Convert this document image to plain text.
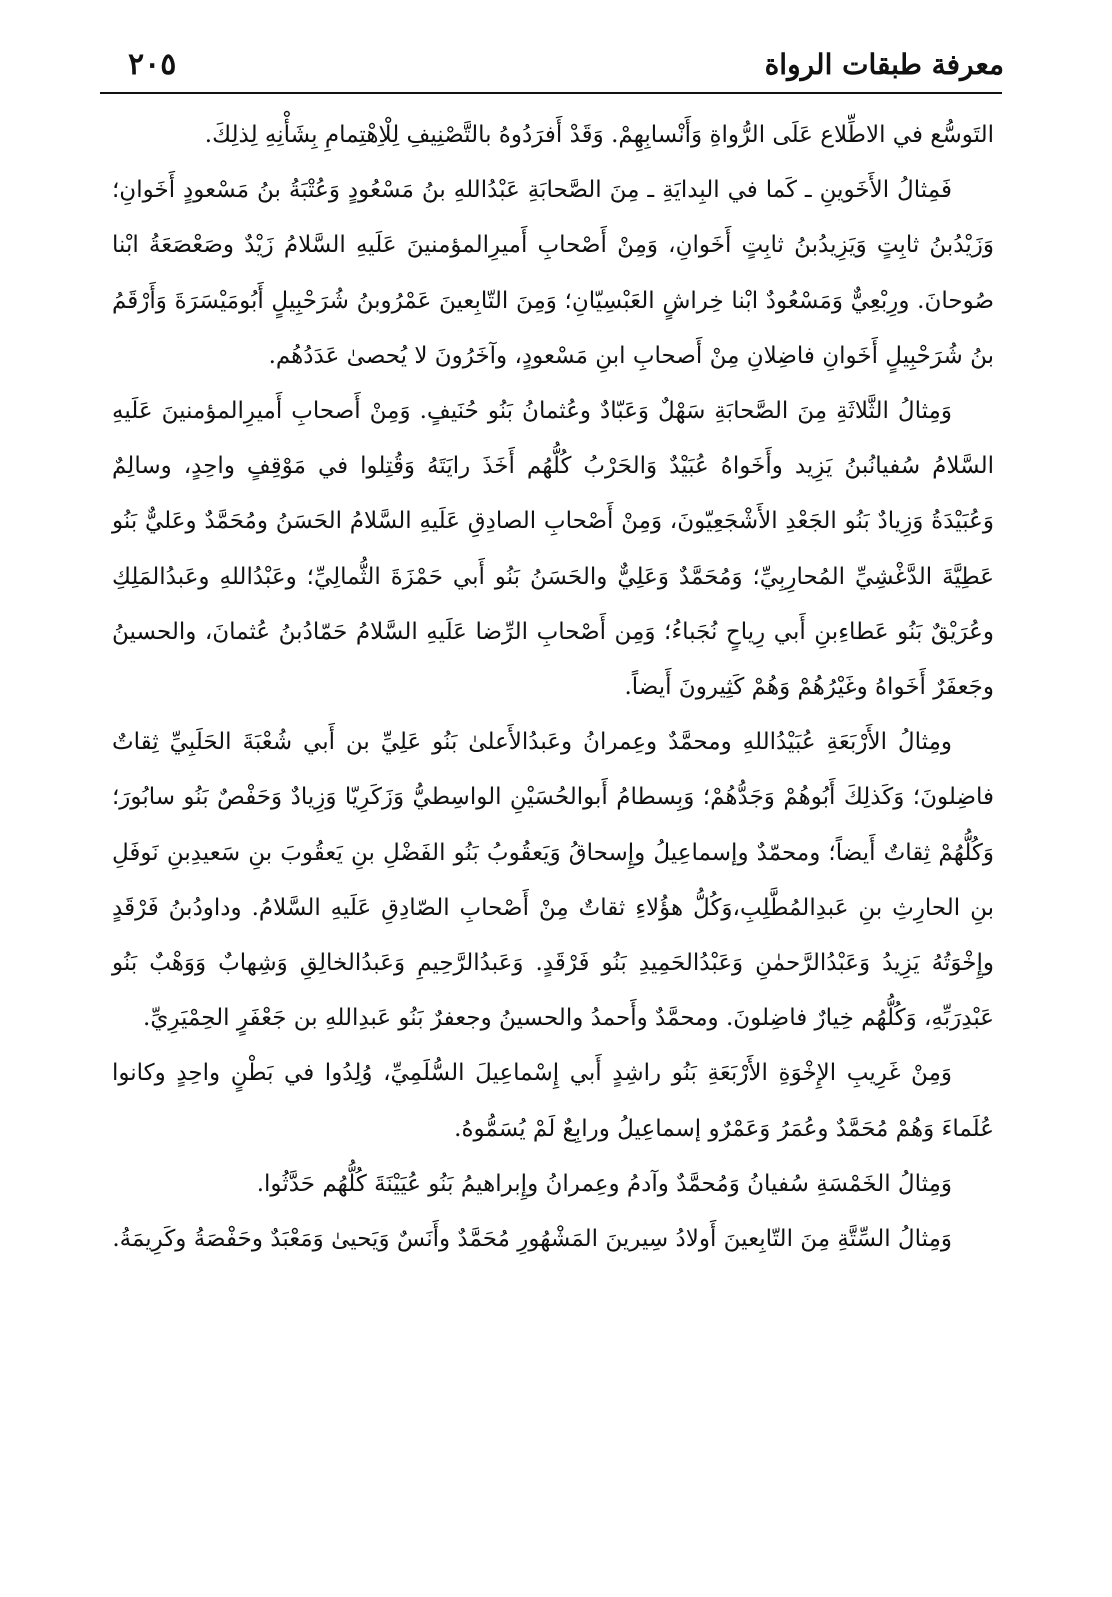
معرفة طبقات الرواة
٢٠٥

التَوسُّع في الاطِّلاع عَلَى الرُّواةِ وَأَنْسابِهِمْ. وَقَدْ أَفرَدُوهُ بالتَّصْنِيفِ لِلْاِهْتِمامِ بِشَأْنِهِ لِذلِكَ.

فَمِثالُ الأَخَوينِ ـ كَما في البِدايَةِ ـ مِنَ الصَّحابَةِ عَبْدُاللهِ بنُ مَسْعُودٍ وَعُتْبَةُ بنُ مَسْعودٍ أَخَوانِ؛ وَزَيْدُبنُ ثابِتٍ وَيَزِيدُبنُ ثابِتٍ أَخَوانِ، وَمِنْ أَصْحابِ أَميرِالمؤمنينَ عَلَيهِ السَّلامُ زَيْدٌ وصَعْصَعَةُ ابْنا صُوحانَ. ورِبْعِيٌّ وَمَسْعُودٌ ابْنا خِراشٍ العَبْسِيّانِ؛ وَمِنَ التّابِعينَ عَمْرُوبنُ شُرَحْبِيلٍ أَبُومَيْسَرَةَ وَأَرْقَمُ بنُ شُرَحْبِيلٍ أَخَوانِ فاضِلانِ مِنْ أَصحابِ ابنِ مَسْعودٍ، وآخَرُونَ لا يُحصىٰ عَدَدُهُم.

وَمِثالُ الثَّلاثَةِ مِنَ الصَّحابَةِ سَهْلٌ وَعَبّادٌ وعُثمانُ بَنُو حُنَيفٍ. وَمِنْ أَصحابِ أَميرِالمؤمنينَ عَلَيهِ السَّلامُ سُفيانُبنُ يَزِيد وأَخَواهُ عُبَيْدٌ وَالحَرْبُ كُلُّهُم أَخَذَ رايَتَهُ وَقُتِلوا في مَوْقِفٍ واحِدٍ، وسالِمٌ وَعُبَيْدَةُ وَزِيادٌ بَنُو الجَعْدِ الأَشْجَعِيّونَ، وَمِنْ أَصْحابِ الصادِقِ عَلَيهِ السَّلامُ الحَسَنُ ومُحَمَّدٌ وعَليٌّ بَنُو عَطِيَّةَ الدَّغْشِيِّ المُحارِبِيِّ؛ وَمُحَمَّدٌ وَعَلِيٌّ والحَسَنُ بَنُو أَبي حَمْزَةَ الثُّمالِيِّ؛ وعَبْدُاللهِ وعَبدُالمَلِكِ وعُرَيْقٌ بَنُو عَطاءِبنِ أَبي رِياحٍ نُجَباءُ؛ وَمِن أَصْحابِ الرِّضا عَلَيهِ السَّلامُ حَمّادُبنُ عُثمانَ، والحسينُ وجَعفَرٌ أَخَواهُ وغَيْرُهُمْ وَهُمْ كَثِيرونَ أَيضاً.

ومِثالُ الأَرْبَعَةِ عُبَيْدُاللهِ ومحمَّدٌ وعِمرانُ وعَبدُالأَعلىٰ بَنُو عَلِيِّ بن أَبي شُعْبَةَ الحَلَبِيِّ ثِقاتٌ فاضِلونَ؛ وَكَذلِكَ أَبُوهُمْ وَجَدُّهُمْ؛ وَبِسطامُ أَبوالحُسَيْنِ الواسِطيُّ وَزَكَرِيّا وَزِيادٌ وَحَفْصٌ بَنُو سابُورَ؛ وَكُلُّهُمْ ثِقاتٌ أَيضاً؛ ومحمّدٌ وإسماعِيلُ وإِسحاقُ وَيَعقُوبُ بَنُو الفَضْلِ بنِ يَعقُوبَ بنِ سَعيدِبنِ نَوفَلِ بنِ الحارِثِ بنِ عَبدِالمُطَّلِبِ،وَكُلُّ هؤُلاءِ ثقاتٌ مِنْ أَصْحابِ الصّادِقِ عَلَيهِ السَّلامُ. وداودُبنُ فَرْقَدٍ وإِخْوَتُهُ يَزِيدُ وَعَبْدُالرَّحمٰنِ وَعَبْدُالحَمِيدِ بَنُو فَرْقَدٍ. وَعَبدُالرَّحِيمِ وَعَبدُالخالِقِ وَشِهابٌ وَوَهْبٌ بَنُو عَبْدِرَبِّهِ، وَكُلُّهُم خِيارٌ فاضِلونَ. ومحمَّدٌ وأَحمدُ والحسينُ وجعفرٌ بَنُو عَبدِاللهِ بن جَعْفَرٍ الحِمْيَرِيِّ.

وَمِنْ غَرِيبِ الإِخْوَةِ الأَرْبَعَةِ بَنُو راشِدٍ أَبي إِسْماعِيلَ السُّلَمِيِّ، وُلِدُوا في بَطْنٍ واحِدٍ وكانوا عُلَماءَ وَهُمْ مُحَمَّدٌ وعُمَرُ وَعَمْرٌو إسماعِيلُ ورابِعٌ لَمْ يُسَمُّوهُ.

وَمِثالُ الخَمْسَةِ سُفيانُ وَمُحمَّدٌ وآدمُ وعِمرانُ وإِبراهيمُ بَنُو عُيَيْنَةَ كُلُّهُم حَدَّثُوا.

وَمِثالُ السِّتَّةِ مِنَ التّابِعينَ أَولادُ سِيرينَ المَشْهُورِ مُحَمَّدٌ وأَنَسٌ وَيَحيىٰ وَمَعْبَدٌ وحَفْصَةُ وكَرِيمَةُ.
